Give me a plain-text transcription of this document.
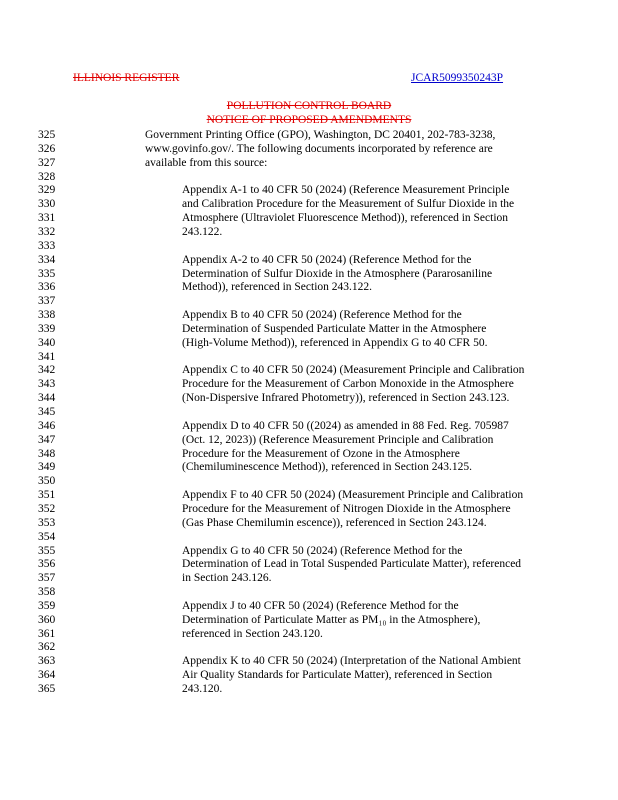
ILLINOIS REGISTER	JCAR5099350243P
POLLUTION CONTROL BOARD
NOTICE OF PROPOSED AMENDMENTS
325	Government Printing Office (GPO), Washington, DC 20401, 202-783-3238,
326	www.govinfo.gov/. The following documents incorporated by reference are
327	available from this source:
328
329	Appendix A-1 to 40 CFR 50 (2024) (Reference Measurement Principle
330	and Calibration Procedure for the Measurement of Sulfur Dioxide in the
331	Atmosphere (Ultraviolet Fluorescence Method)), referenced in Section
332	243.122.
333
334	Appendix A-2 to 40 CFR 50 (2024) (Reference Method for the
335	Determination of Sulfur Dioxide in the Atmosphere (Pararosaniline
336	Method)), referenced in Section 243.122.
337
338	Appendix B to 40 CFR 50 (2024) (Reference Method for the
339	Determination of Suspended Particulate Matter in the Atmosphere
340	(High-Volume Method)), referenced in Appendix G to 40 CFR 50.
341
342	Appendix C to 40 CFR 50 (2024) (Measurement Principle and Calibration
343	Procedure for the Measurement of Carbon Monoxide in the Atmosphere
344	(Non-Dispersive Infrared Photometry)), referenced in Section 243.123.
345
346	Appendix D to 40 CFR 50 ((2024) as amended in 88 Fed. Reg. 705987
347	(Oct. 12, 2023)) (Reference Measurement Principle and Calibration
348	Procedure for the Measurement of Ozone in the Atmosphere
349	(Chemiluminescence Method)), referenced in Section 243.125.
350
351	Appendix F to 40 CFR 50 (2024) (Measurement Principle and Calibration
352	Procedure for the Measurement of Nitrogen Dioxide in the Atmosphere
353	(Gas Phase Chemilumin escence)), referenced in Section 243.124.
354
355	Appendix G to 40 CFR 50 (2024) (Reference Method for the
356	Determination of Lead in Total Suspended Particulate Matter), referenced
357	in Section 243.126.
358
359	Appendix J to 40 CFR 50 (2024) (Reference Method for the
360	Determination of Particulate Matter as PM₁₀ in the Atmosphere),
361	referenced in Section 243.120.
362
363	Appendix K to 40 CFR 50 (2024) (Interpretation of the National Ambient
364	Air Quality Standards for Particulate Matter), referenced in Section
365	243.120.
